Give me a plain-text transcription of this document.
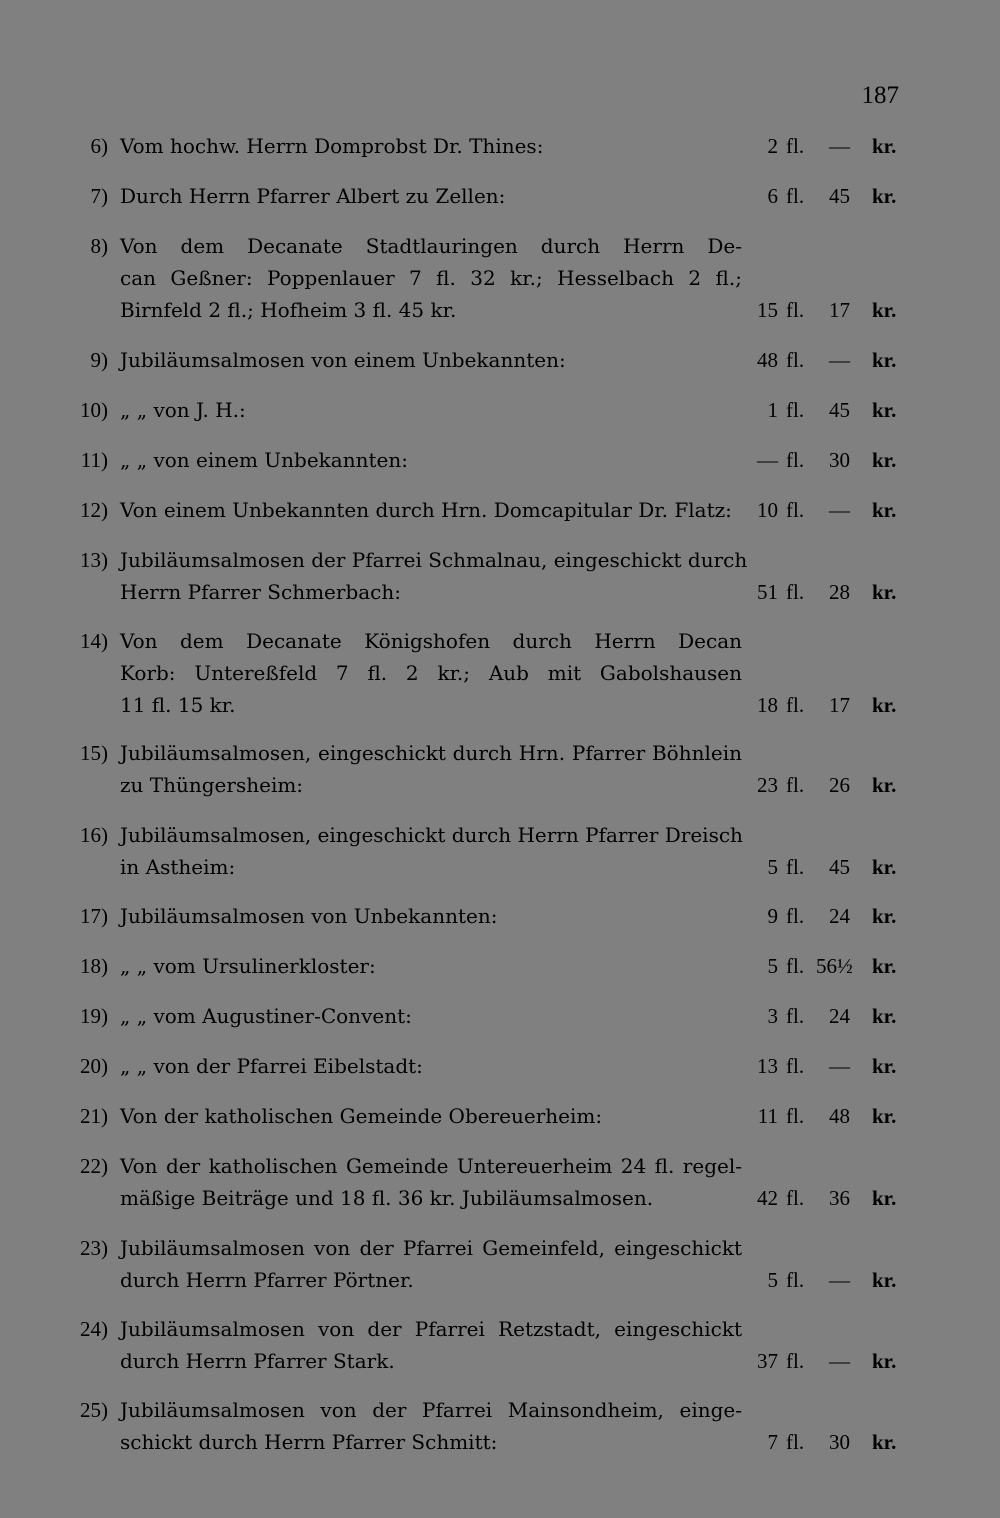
187
6) Vom hochw. Herrn Domprobst Dr. Thines:	2 fl.	— kr.
7) Durch Herrn Pfarrer Albert zu Zellen:	6 fl.	45 kr.
8) Von dem Decanate Stadtlauringen durch Herrn De-
can Geßner: Poppenlauer 7 fl. 32 kr.; Hesselbach 2 fl.;
Birnfeld 2 fl.; Hofheim 3 fl. 45 kr.	15 fl.	17 kr.
9) Jubiläumsalmosen von einem Unbekannten:	48 fl.	— kr.
10) „ „ von J. H.:	1 fl.	45 kr.
11) „ „ von einem Unbekannten:	— fl.	30 kr.
12) Von einem Unbekannten durch Hrn. Domcapitular Dr. Flatz:	10 fl.	— kr.
13) Jubiläumsalmosen der Pfarrei Schmalnau, eingeschickt durch
Herrn Pfarrer Schmerbach:	51 fl.	28 kr.
14) Von dem Decanate Königshofen durch Herrn Decan
Korb: Untereßfeld 7 fl. 2 kr.; Aub mit Gabolshausen
11 fl. 15 kr.	18 fl.	17 kr.
15) Jubiläumsalmosen, eingeschickt durch Hrn. Pfarrer Böhnlein
zu Thüngersheim:	23 fl.	26 kr.
16) Jubiläumsalmosen, eingeschickt durch Herrn Pfarrer Dreisch
in Astheim:	5 fl.	45 kr.
17) Jubiläumsalmosen von Unbekannten:	9 fl.	24 kr.
18) „ „ vom Ursulinerkloster:	5 fl. 56½ kr.
19) „ „ vom Augustiner-Convent:	3 fl.	24 kr.
20) „ „ von der Pfarrei Eibelstadt:	13 fl.	— kr.
21) Von der katholischen Gemeinde Obereuerheim:	11 fl.	48 kr.
22) Von der katholischen Gemeinde Untereuerheim 24 fl. regel-
mäßige Beiträge und 18 fl. 36 kr. Jubiläumsalmosen.	42 fl.	36 kr.
23) Jubiläumsalmosen von der Pfarrei Gemeinfeld, eingeschickt
durch Herrn Pfarrer Pörtner.	5 fl.	— kr.
24) Jubiläumsalmosen von der Pfarrei Retzstadt, eingeschickt
durch Herrn Pfarrer Stark.	37 fl.	— kr.
25) Jubiläumsalmosen von der Pfarrei Mainsondheim, einge-
schickt durch Herrn Pfarrer Schmitt:	7 fl.	30 kr.
